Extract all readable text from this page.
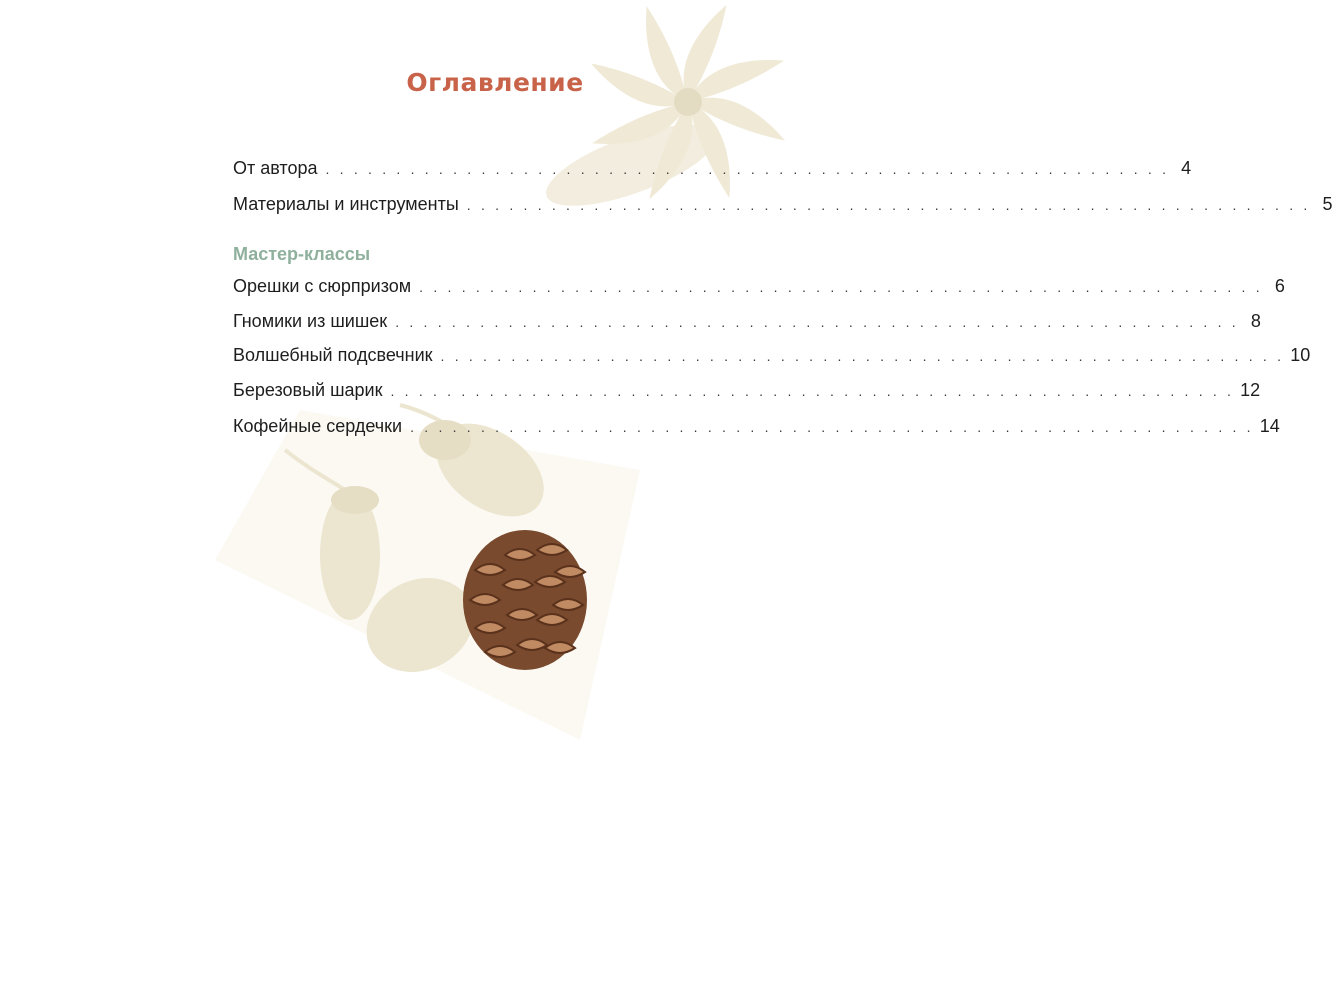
Оглавление
От автора . . . . . . . . . . . . . . . . . . . . . . . . . . . . . . . . . . . . . . . . . . . . . . . . . . . . . . . . . . . . 4
Материалы и инструменты . . . . . . . . . . . . . . . . . . . . . . . . . . . . . . . . . . . . . . . . . . . . . . . . . . . . . . . . . . . . 5
Мастер-классы
Орешки с сюрпризом . . . . . . . . . . . . . . . . . . . . . . . . . . . . . . . . . . . . . . . . . . . . . . . . . . . . . . . . . . . . 6
Гномики из шишек . . . . . . . . . . . . . . . . . . . . . . . . . . . . . . . . . . . . . . . . . . . . . . . . . . . . . . . . . . . . 8
Волшебный подсвечник . . . . . . . . . . . . . . . . . . . . . . . . . . . . . . . . . . . . . . . . . . . . . . . . . . . . . . . . . . . . 10
Березовый шарик . . . . . . . . . . . . . . . . . . . . . . . . . . . . . . . . . . . . . . . . . . . . . . . . . . . . . . . . . . . . 12
Кофейные сердечки . . . . . . . . . . . . . . . . . . . . . . . . . . . . . . . . . . . . . . . . . . . . . . . . . . . . . . . . . . . . 14
